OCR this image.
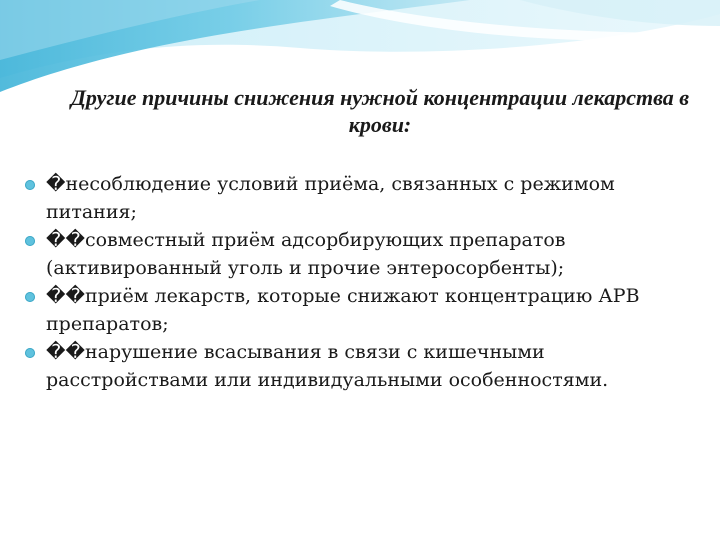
Другие причины снижения нужной концентрации лекарства в крови:
�несоблюдение условий приёма, связанных с режимом питания;
��совместный приём адсорбирующих препаратов (активированный уголь и прочие энтеросорбенты);
��приём лекарств, которые снижают концентрацию АРВ препаратов;
��нарушение всасывания в связи с кишечными расстройствами или индивидуальными особенностями.
